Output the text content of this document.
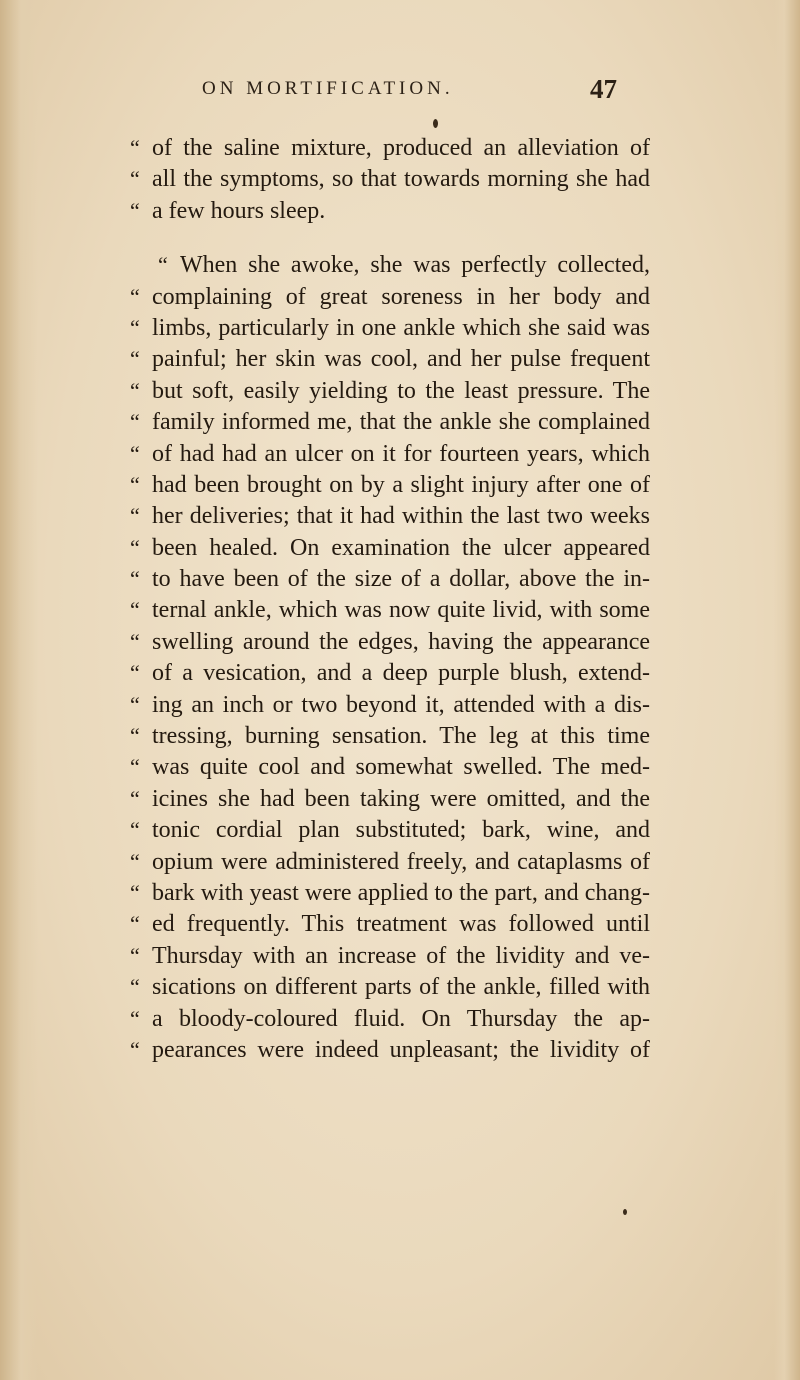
ON MORTIFICATION.	47
“ of the saline mixture, produced an alleviation of
“ all the symptoms, so that towards morning she had
“ a few hours sleep.
“ When she awoke, she was perfectly collected,
“ complaining of great soreness in her body and
“ limbs, particularly in one ankle which she said was
“ painful; her skin was cool, and her pulse frequent
“ but soft, easily yielding to the least pressure. The
“ family informed me, that the ankle she complained
“ of had had an ulcer on it for fourteen years, which
“ had been brought on by a slight injury after one of
“ her deliveries; that it had within the last two weeks
“ been healed. On examination the ulcer appeared
“ to have been of the size of a dollar, above the in-
“ ternal ankle, which was now quite livid, with some
“ swelling around the edges, having the appearance
“ of a vesication, and a deep purple blush, extend-
“ ing an inch or two beyond it, attended with a dis-
“ tressing, burning sensation. The leg at this time
“ was quite cool and somewhat swelled. The med-
“ icines she had been taking were omitted, and the
“ tonic cordial plan substituted; bark, wine, and
“ opium were administered freely, and cataplasms of
“ bark with yeast were applied to the part, and chang-
“ ed frequently. This treatment was followed until
“ Thursday with an increase of the lividity and ve-
“ sications on different parts of the ankle, filled with
“ a bloody-coloured fluid. On Thursday the ap-
“ pearances were indeed unpleasant; the lividity of
